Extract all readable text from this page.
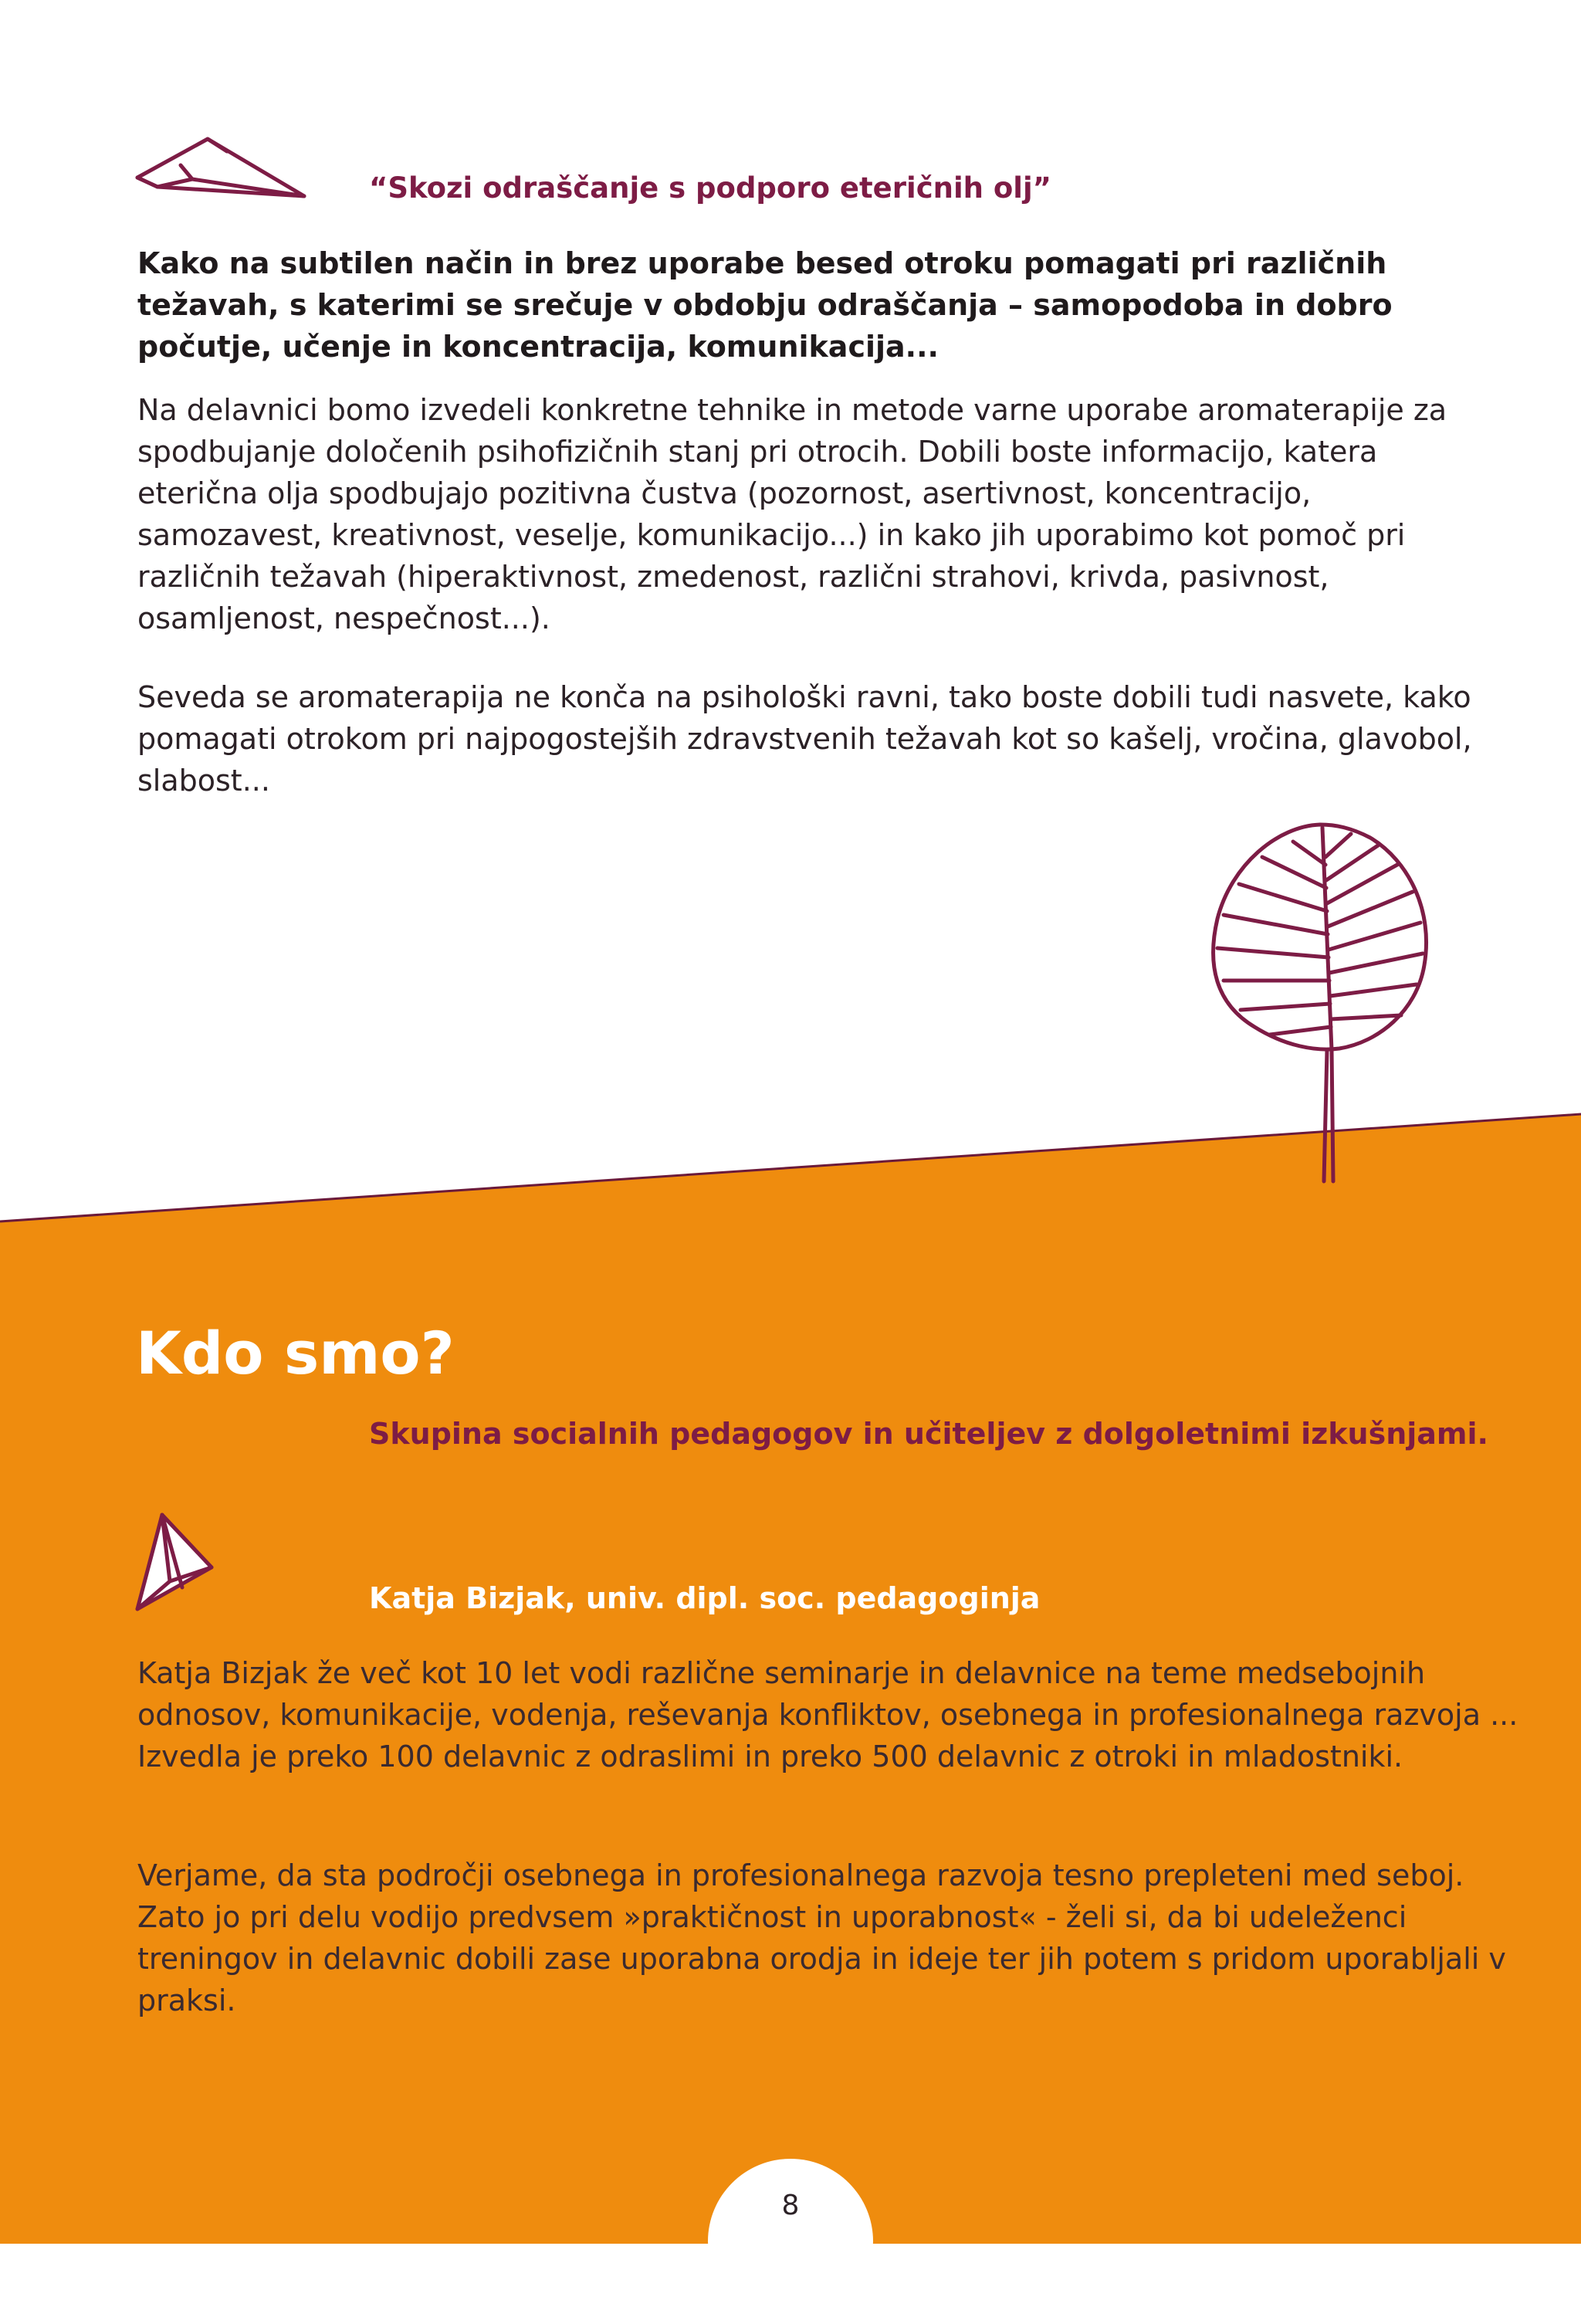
“Skozi odraščanje s podporo eteričnih olj”

Kako na subtilen način in brez uporabe besed otroku pomagati pri različnih težavah, s katerimi se srečuje v obdobju odraščanja – samopodoba in dobro počutje, učenje in koncentracija, komunikacija...

Na delavnici bomo izvedeli konkretne tehnike in metode varne uporabe aromaterapije za spodbujanje določenih psihofizičnih stanj pri otrocih. Dobili boste informacijo, katera eterična olja spodbujajo pozitivna čustva (pozornost, asertivnost, koncentracijo, samozavest, kreativnost, veselje, komunikacijo...) in kako jih uporabimo kot pomoč pri različnih težavah (hiperaktivnost, zmedenost, različni strahovi, krivda, pasivnost, osamljenost, nespečnost...).

Seveda se aromaterapija ne konča na psihološki ravni, tako boste dobili tudi nasvete, kako pomagati otrokom pri najpogostejših zdravstvenih težavah kot so kašelj, vročina, glavobol, slabost...

Kdo smo?
Skupina socialnih pedagogov in učiteljev z dolgoletnimi izkušnjami.
Katja Bizjak, univ. dipl. soc. pedagoginja

Katja Bizjak že več kot 10 let vodi različne seminarje in delavnice na teme medsebojnih odnosov, komunikacije, vodenja, reševanja konfliktov, osebnega in profesionalnega razvoja ... Izvedla je preko 100 delavnic z odraslimi in preko 500 delavnic z otroki in mladostniki.

Verjame, da sta področji osebnega in profesionalnega razvoja tesno prepleteni med seboj. Zato jo pri delu vodijo predvsem »praktičnost in uporabnost« - želi si, da bi udeleženci treningov in delavnic dobili zase uporabna orodja in ideje ter jih potem s pridom uporabljali v praksi.

8
